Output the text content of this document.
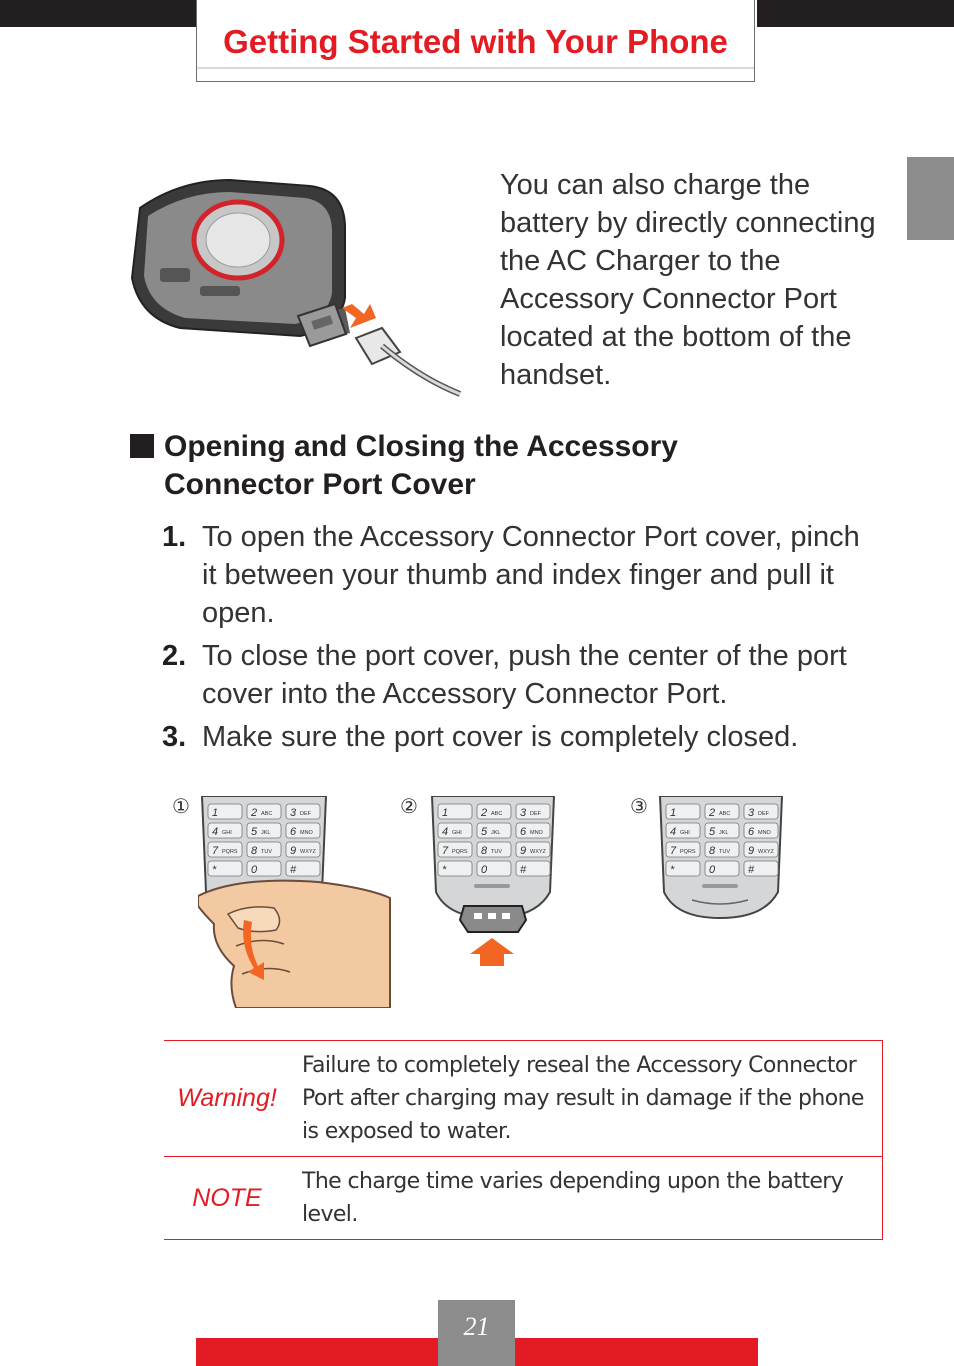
Getting Started with Your Phone
You can also charge the battery by directly connecting the AC Charger to the Accessory Connector Port located at the bottom of the handset.
Opening and Closing the Accessory Connector Port Cover
1. To open the Accessory Connector Port cover, pinch it between your thumb and index finger and pull it open.
2. To close the port cover, push the center of the port cover into the Accessory Connector Port.
3. Make sure the port cover is completely closed.
①	②	③
1	2 ABC 3 DEF
4 GHI 5 JKL 6 MNO
7 PQRS 8 TUV 9 WXYZ
*	0	#
1	2 ABC 3 DEF
4 GHI 5 JKL 6 MNO
7 PQRS 8 TUV 9 WXYZ
*	0	#
1	2 ABC 3 DEF
4 GHI 5 JKL 6 MNO
7 PQRS 8 TUV 9 WXYZ
*	0	#
Warning!	Failure to completely reseal the Accessory Connector Port after charging may result in damage if the phone is exposed to water.
NOTE	The charge time varies depending upon the battery level.
21
